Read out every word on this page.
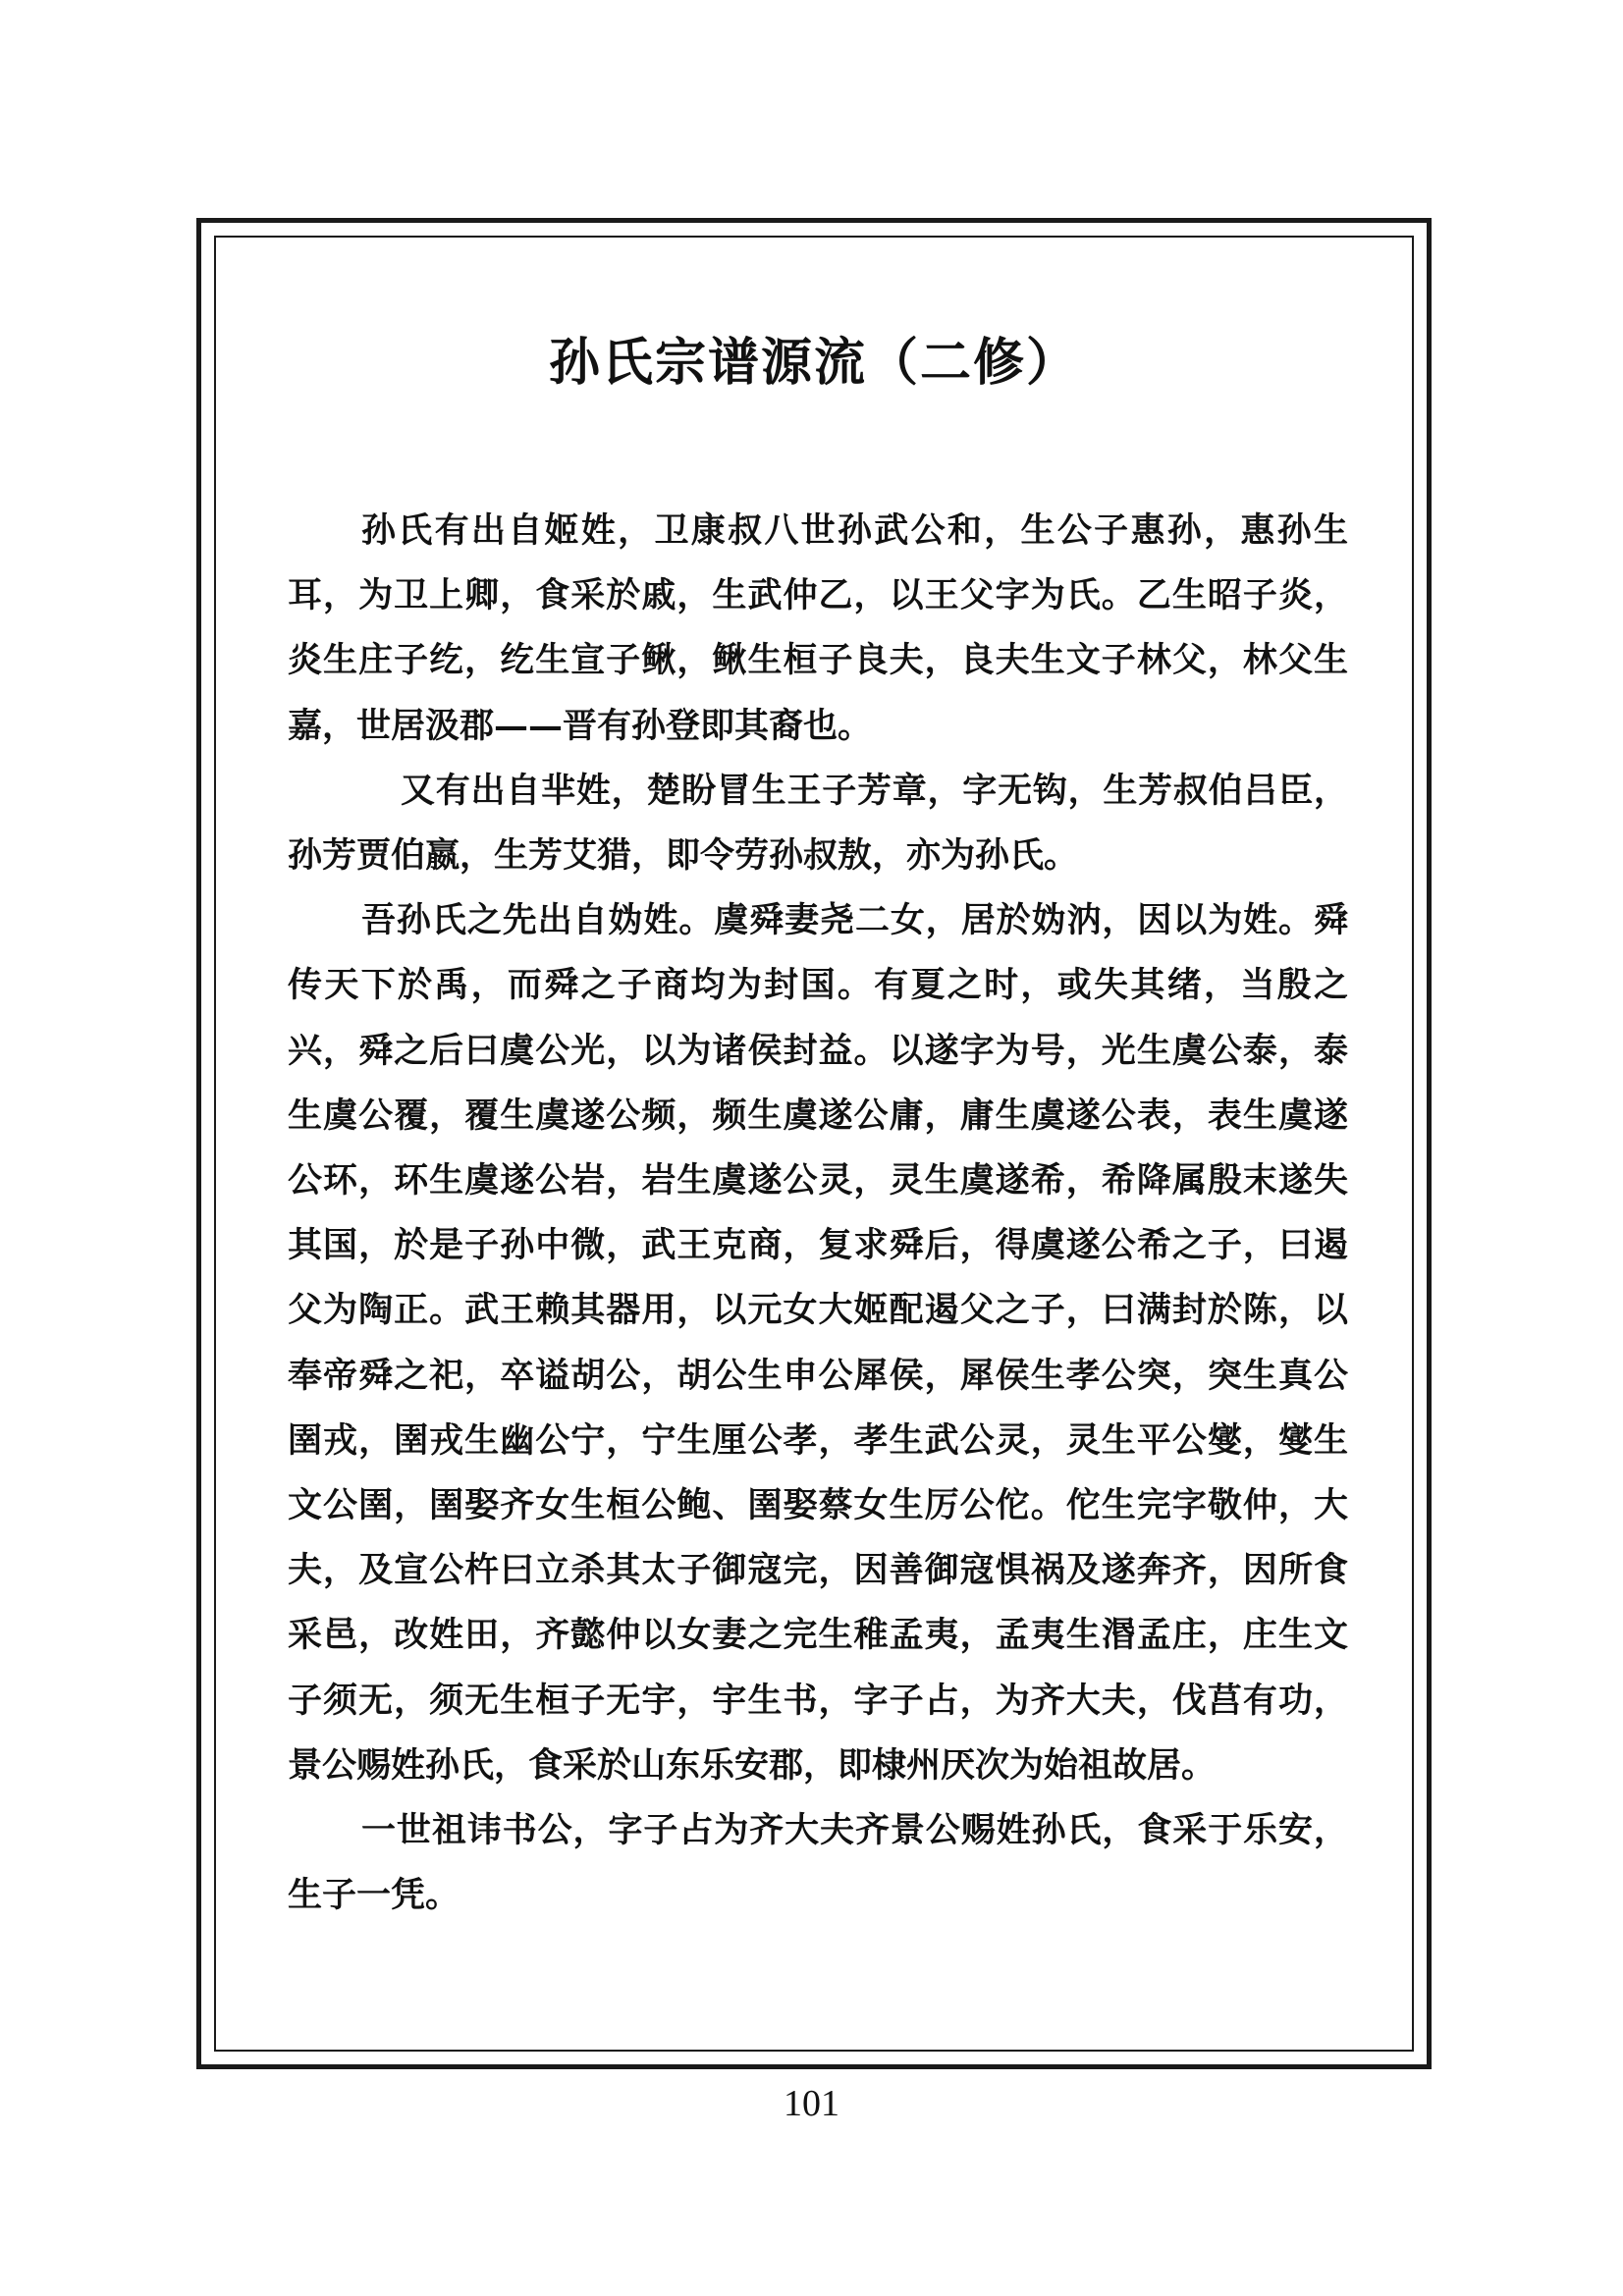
孙氏宗谱源流（二修）

孙氏有出自姬姓，卫康叔八世孙武公和，生公子惠孙，惠孙生耳，为卫上卿，食采於戚，生武仲乙，以王父字为氏。乙生昭子炎，炎生庄子纥，纥生宣子鳅，鳅生桓子良夫，良夫生文子林父，林父生嘉，世居汲郡——晋有孙登即其裔也。

又有出自芈姓，楚盼冒生王子芳章，字无钩，生芳叔伯吕臣，孙芳贾伯嬴，生芳艾猎，即令劳孙叔敖，亦为孙氏。

吾孙氏之先出自妫姓。虞舜妻尧二女，居於妫汭，因以为姓。舜传天下於禹，而舜之子商均为封国。有夏之时，或失其绪，当殷之兴，舜之后曰虞公光，以为诸侯封益。以遂字为号，光生虞公泰，泰生虞公覆，覆生虞遂公频，频生虞遂公庸，庸生虞遂公表，表生虞遂公环，环生虞遂公岩，岩生虞遂公灵，灵生虞遂希，希降属殷末遂失其国，於是子孙中微，武王克商，复求舜后，得虞遂公希之子，曰遏父为陶正。武王赖其器用，以元女大姬配遏父之子，曰满封於陈，以奉帝舜之祀，卒谥胡公，胡公生申公犀侯，犀侯生孝公突，突生真公圉戎，圉戎生幽公宁，宁生厘公孝，孝生武公灵，灵生平公燮，燮生文公圉，圉娶齐女生桓公鲍、圉娶蔡女生厉公佗。佗生完字敬仲，大夫，及宣公杵曰立杀其太子御寇完，因善御寇惧祸及遂奔齐，因所食采邑，改姓田，齐懿仲以女妻之完生稚孟夷，孟夷生湣孟庄，庄生文子须无，须无生桓子无宇，宇生书，字子占，为齐大夫，伐莒有功，景公赐姓孙氏，食采於山东乐安郡，即棣州厌次为始祖故居。

一世祖讳书公，字子占为齐大夫齐景公赐姓孙氏，食采于乐安，生子一凭。

101
